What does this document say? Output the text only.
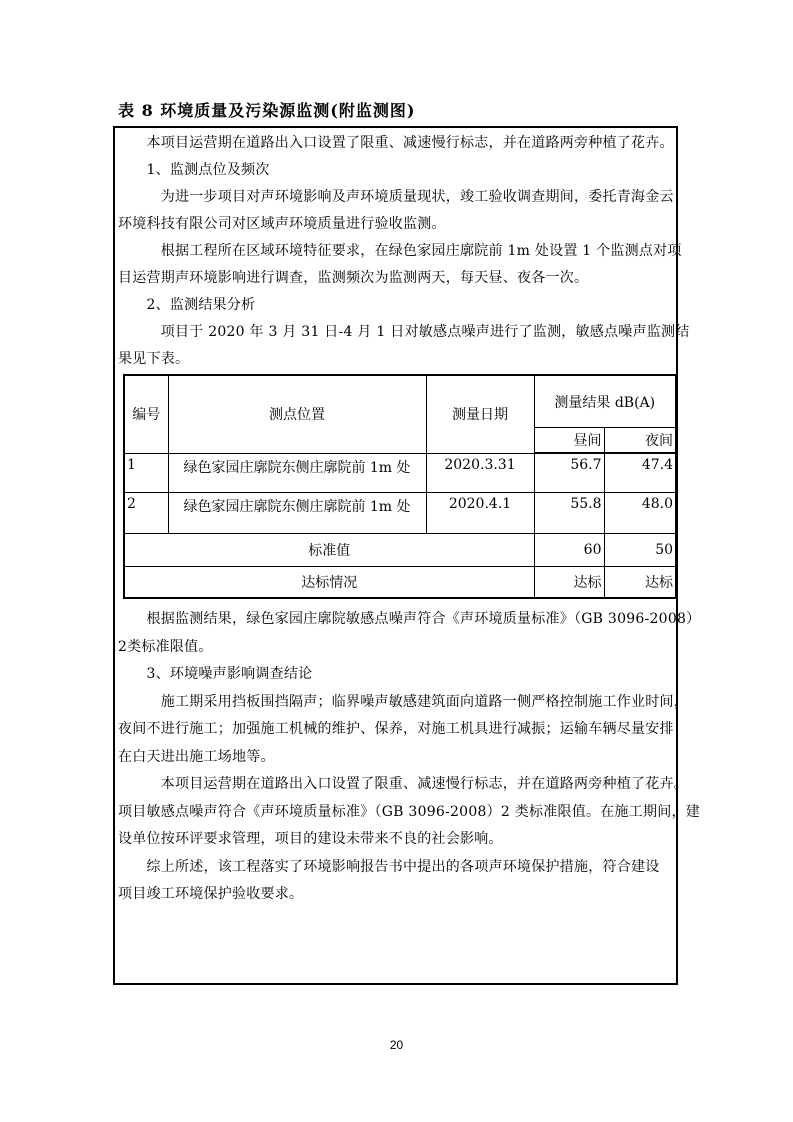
表 8 环境质量及污染源监测(附监测图)
　　本项目运营期在道路出入口设置了限重、减速慢行标志，并在道路两旁种植了花卉。
　　1、监测点位及频次
　　　为进一步项目对声环境影响及声环境质量现状，竣工验收调查期间，委托青海金云
环境科技有限公司对区域声环境质量进行验收监测。
　　　根据工程所在区域环境特征要求，在绿色家园庄廓院前 1m 处设置 1 个监测点对项
目运营期声环境影响进行调查，监测频次为监测两天，每天昼、夜各一次。
　　2、监测结果分析
　　　项目于 2020 年 3 月 31 日-4 月 1 日对敏感点噪声进行了监测，敏感点噪声监测结
果见下表。
编号	测点位置	测量日期	测量结果 dB(A)	
			昼间	夜间
1	绿色家园庄廓院东侧庄廓院前 1m 处	2020.3.31	56.7	47.4
2	绿色家园庄廓院东侧庄廓院前 1m 处	2020.4.1	55.8	48.0
标准值			60	50
达标情况			达标	达标
　　根据监测结果，绿色家园庄廓院敏感点噪声符合《声环境质量标准》（GB 3096-2008）
2类标准限值。
　　3、环境噪声影响调查结论
　　　施工期采用挡板围挡隔声；临界噪声敏感建筑面向道路一侧严格控制施工作业时间，
夜间不进行施工；加强施工机械的维护、保养，对施工机具进行减振；运输车辆尽量安排
在白天进出施工场地等。
　　　本项目运营期在道路出入口设置了限重、减速慢行标志，并在道路两旁种植了花卉。
项目敏感点噪声符合《声环境质量标准》（GB 3096-2008）2 类标准限值。在施工期间，建
设单位按环评要求管理，项目的建设未带来不良的社会影响。
　　综上所述，该工程落实了环境影响报告书中提出的各项声环境保护措施，符合建设
项目竣工环境保护验收要求。
20
